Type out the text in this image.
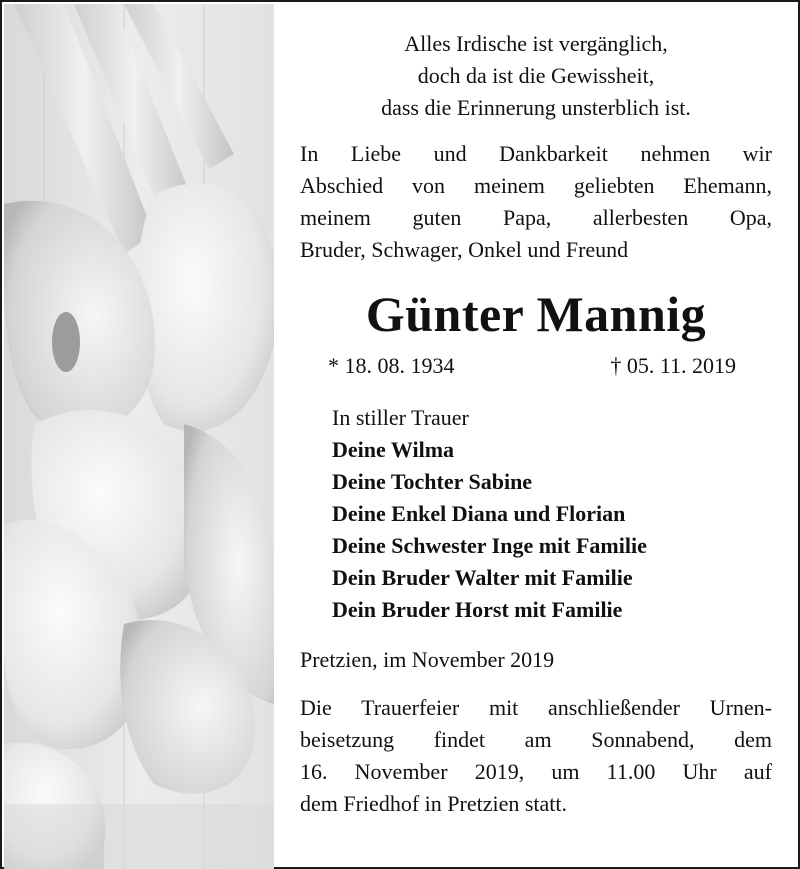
Alles Irdische ist vergänglich,
doch da ist die Gewissheit,
dass die Erinnerung unsterblich ist.
In Liebe und Dankbarkeit nehmen wir
Abschied von meinem geliebten Ehemann,
meinem guten Papa, allerbesten Opa,
Bruder, Schwager, Onkel und Freund
Günter Mannig
* 18. 08. 1934	† 05. 11. 2019
In stiller Trauer
Deine Wilma
Deine Tochter Sabine
Deine Enkel Diana und Florian
Deine Schwester Inge mit Familie
Dein Bruder Walter mit Familie
Dein Bruder Horst mit Familie
Pretzien, im November 2019
Die Trauerfeier mit anschließender Urnen-
beisetzung findet am Sonnabend, dem
16. November 2019, um 11.00 Uhr auf
dem Friedhof in Pretzien statt.
